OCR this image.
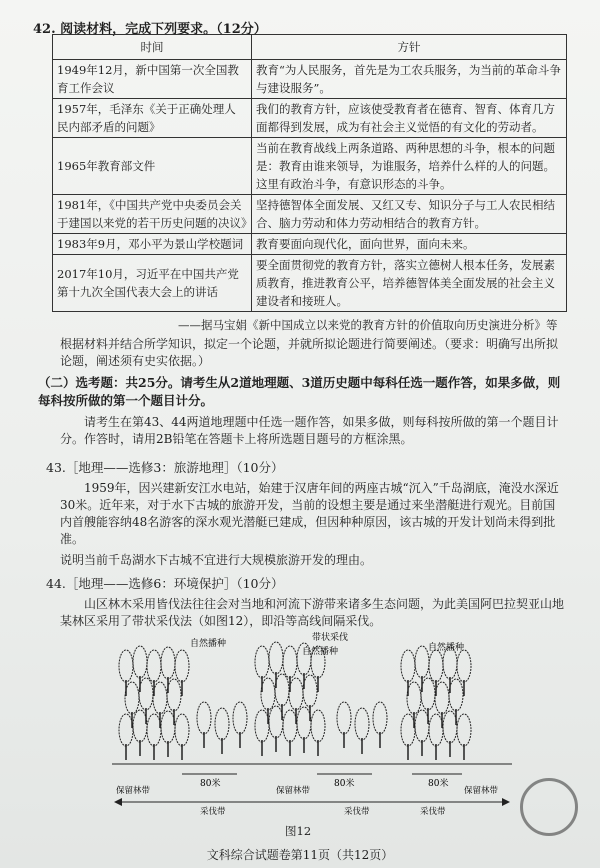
42. 阅读材料，完成下列要求。（12分）
时间	方针
1949年12月，新中国第一次全国教育工作会议	教育“为人民服务，首先是为工农兵服务，为当前的革命斗争与建设服务”。
1957年，毛泽东《关于正确处理人民内部矛盾的问题》	我们的教育方针，应该使受教育者在德育、智育、体育几方面都得到发展，成为有社会主义觉悟的有文化的劳动者。
1965年教育部文件	当前在教育战线上两条道路、两种思想的斗争，根本的问题是：教育由谁来领导，为谁服务，培养什么样的人的问题。这里有政治斗争，有意识形态的斗争。
1981年，《中国共产党中央委员会关于建国以来党的若干历史问题的决议》	坚持德智体全面发展、又红又专、知识分子与工人农民相结合、脑力劳动和体力劳动相结合的教育方针。
1983年9月，邓小平为景山学校题词	教育要面向现代化，面向世界，面向未来。
2017年10月，习近平在中国共产党第十九次全国代表大会上的讲话	要全面贯彻党的教育方针，落实立德树人根本任务，发展素质教育，推进教育公平，培养德智体美全面发展的社会主义建设者和接班人。
——据马宝娟《新中国成立以来党的教育方针的价值取向历史演进分析》等
根据材料并结合所学知识，拟定一个论题，并就所拟论题进行简要阐述。（要求：明确写出所拟论题，阐述须有史实依据。）
（二）选考题：共25分。请考生从2道地理题、3道历史题中每科任选一题作答，如果多做，则每科按所做的第一个题目计分。
请考生在第43、44两道地理题中任选一题作答，如果多做，则每科按所做的第一个题目计分。作答时，请用2B铅笔在答题卡上将所选题目题号的方框涂黑。
43.［地理——选修3：旅游地理］（10分）
1959年，因兴建新安江水电站，始建于汉唐年间的两座古城“沉入”千岛湖底，淹没水深近30米。近年来，对于水下古城的旅游开发，当前的设想主要是通过来坐潜艇进行观光。目前国内首艘能容纳48名游客的深水观光潜艇已建成，但因种种原因，该古城的开发计划尚未得到批准。
说明当前千岛湖水下古城不宜进行大规模旅游开发的理由。
44.［地理——选修6：环境保护］（10分）
山区林木采用皆伐法往往会对当地和河流下游带来诸多生态问题，为此美国阿巴拉契亚山地某林区采用了带状采伐法（如图12），即沿等高线间隔采伐。
自然播种
带状采伐
自然播种	自然播种
80米	80米	80米
保留林带
采伐带
保留林带
采伐带	采伐带
保留林带
图12
文科综合试题卷第11页（共12页）
